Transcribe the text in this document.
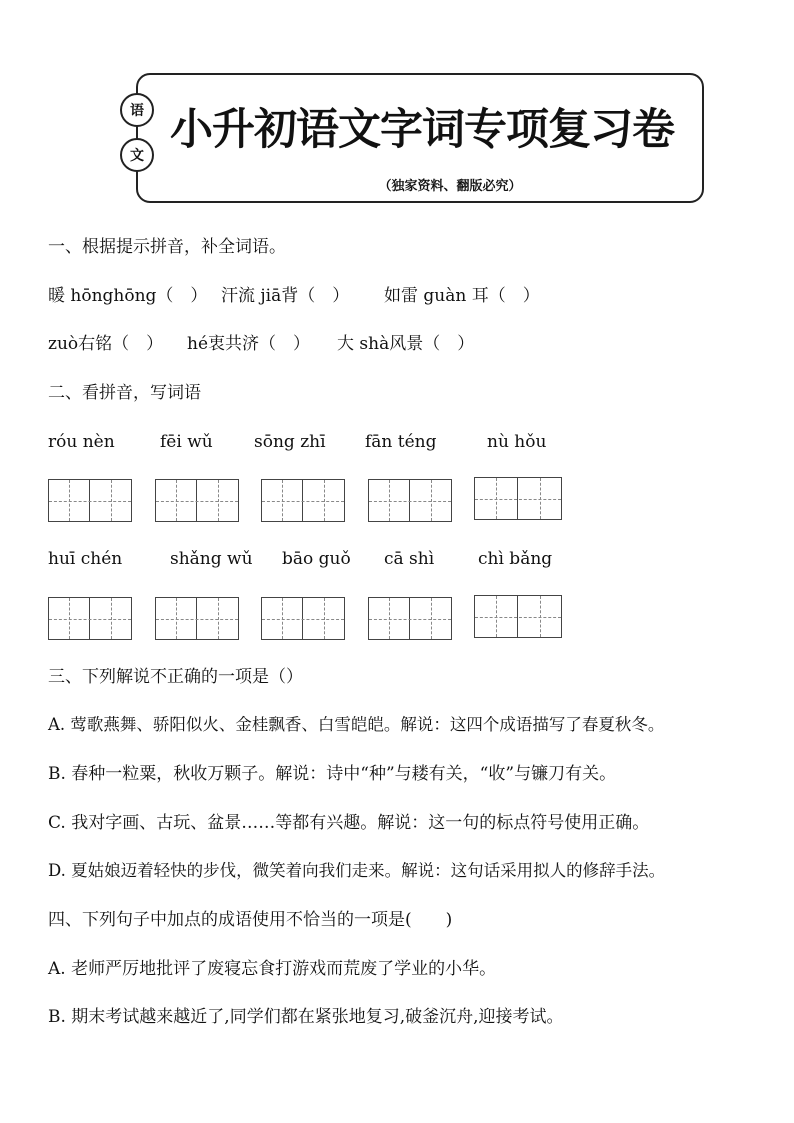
语
文
小升初语文字词专项复习卷
（独家资料、翻版必究）
一、根据提示拼音，补全词语。
暖 hōnghōng（　） 汗流 jiā背（　） 如雷 guàn 耳（　）
zuò右铭（　） hé衷共济（　） 大 shà风景（　）
二、看拼音，写词语
róu nèn	fēi wǔ sōng zhī fān téng	nù hǒu
huī chén	shǎng wǔ bāo guǒ cā shì	chì bǎng
三、下列解说不正确的一项是（）
A. 莺歌燕舞、骄阳似火、金桂飘香、白雪皑皑。解说：这四个成语描写了春夏秋冬。
B. 春种一粒粟，秋收万颗子。解说：诗中“种”与耧有关，“收”与镰刀有关。
C. 我对字画、古玩、盆景……等都有兴趣。解说：这一句的标点符号使用正确。
D. 夏姑娘迈着轻快的步伐，微笑着向我们走来。解说：这句话采用拟人的修辞手法。
四、下列句子中加点的成语使用不恰当的一项是(　　)
A. 老师严厉地批评了废寝忘食打游戏而荒废了学业的小华。
B. 期末考试越来越近了,同学们都在紧张地复习,破釜沉舟,迎接考试。
